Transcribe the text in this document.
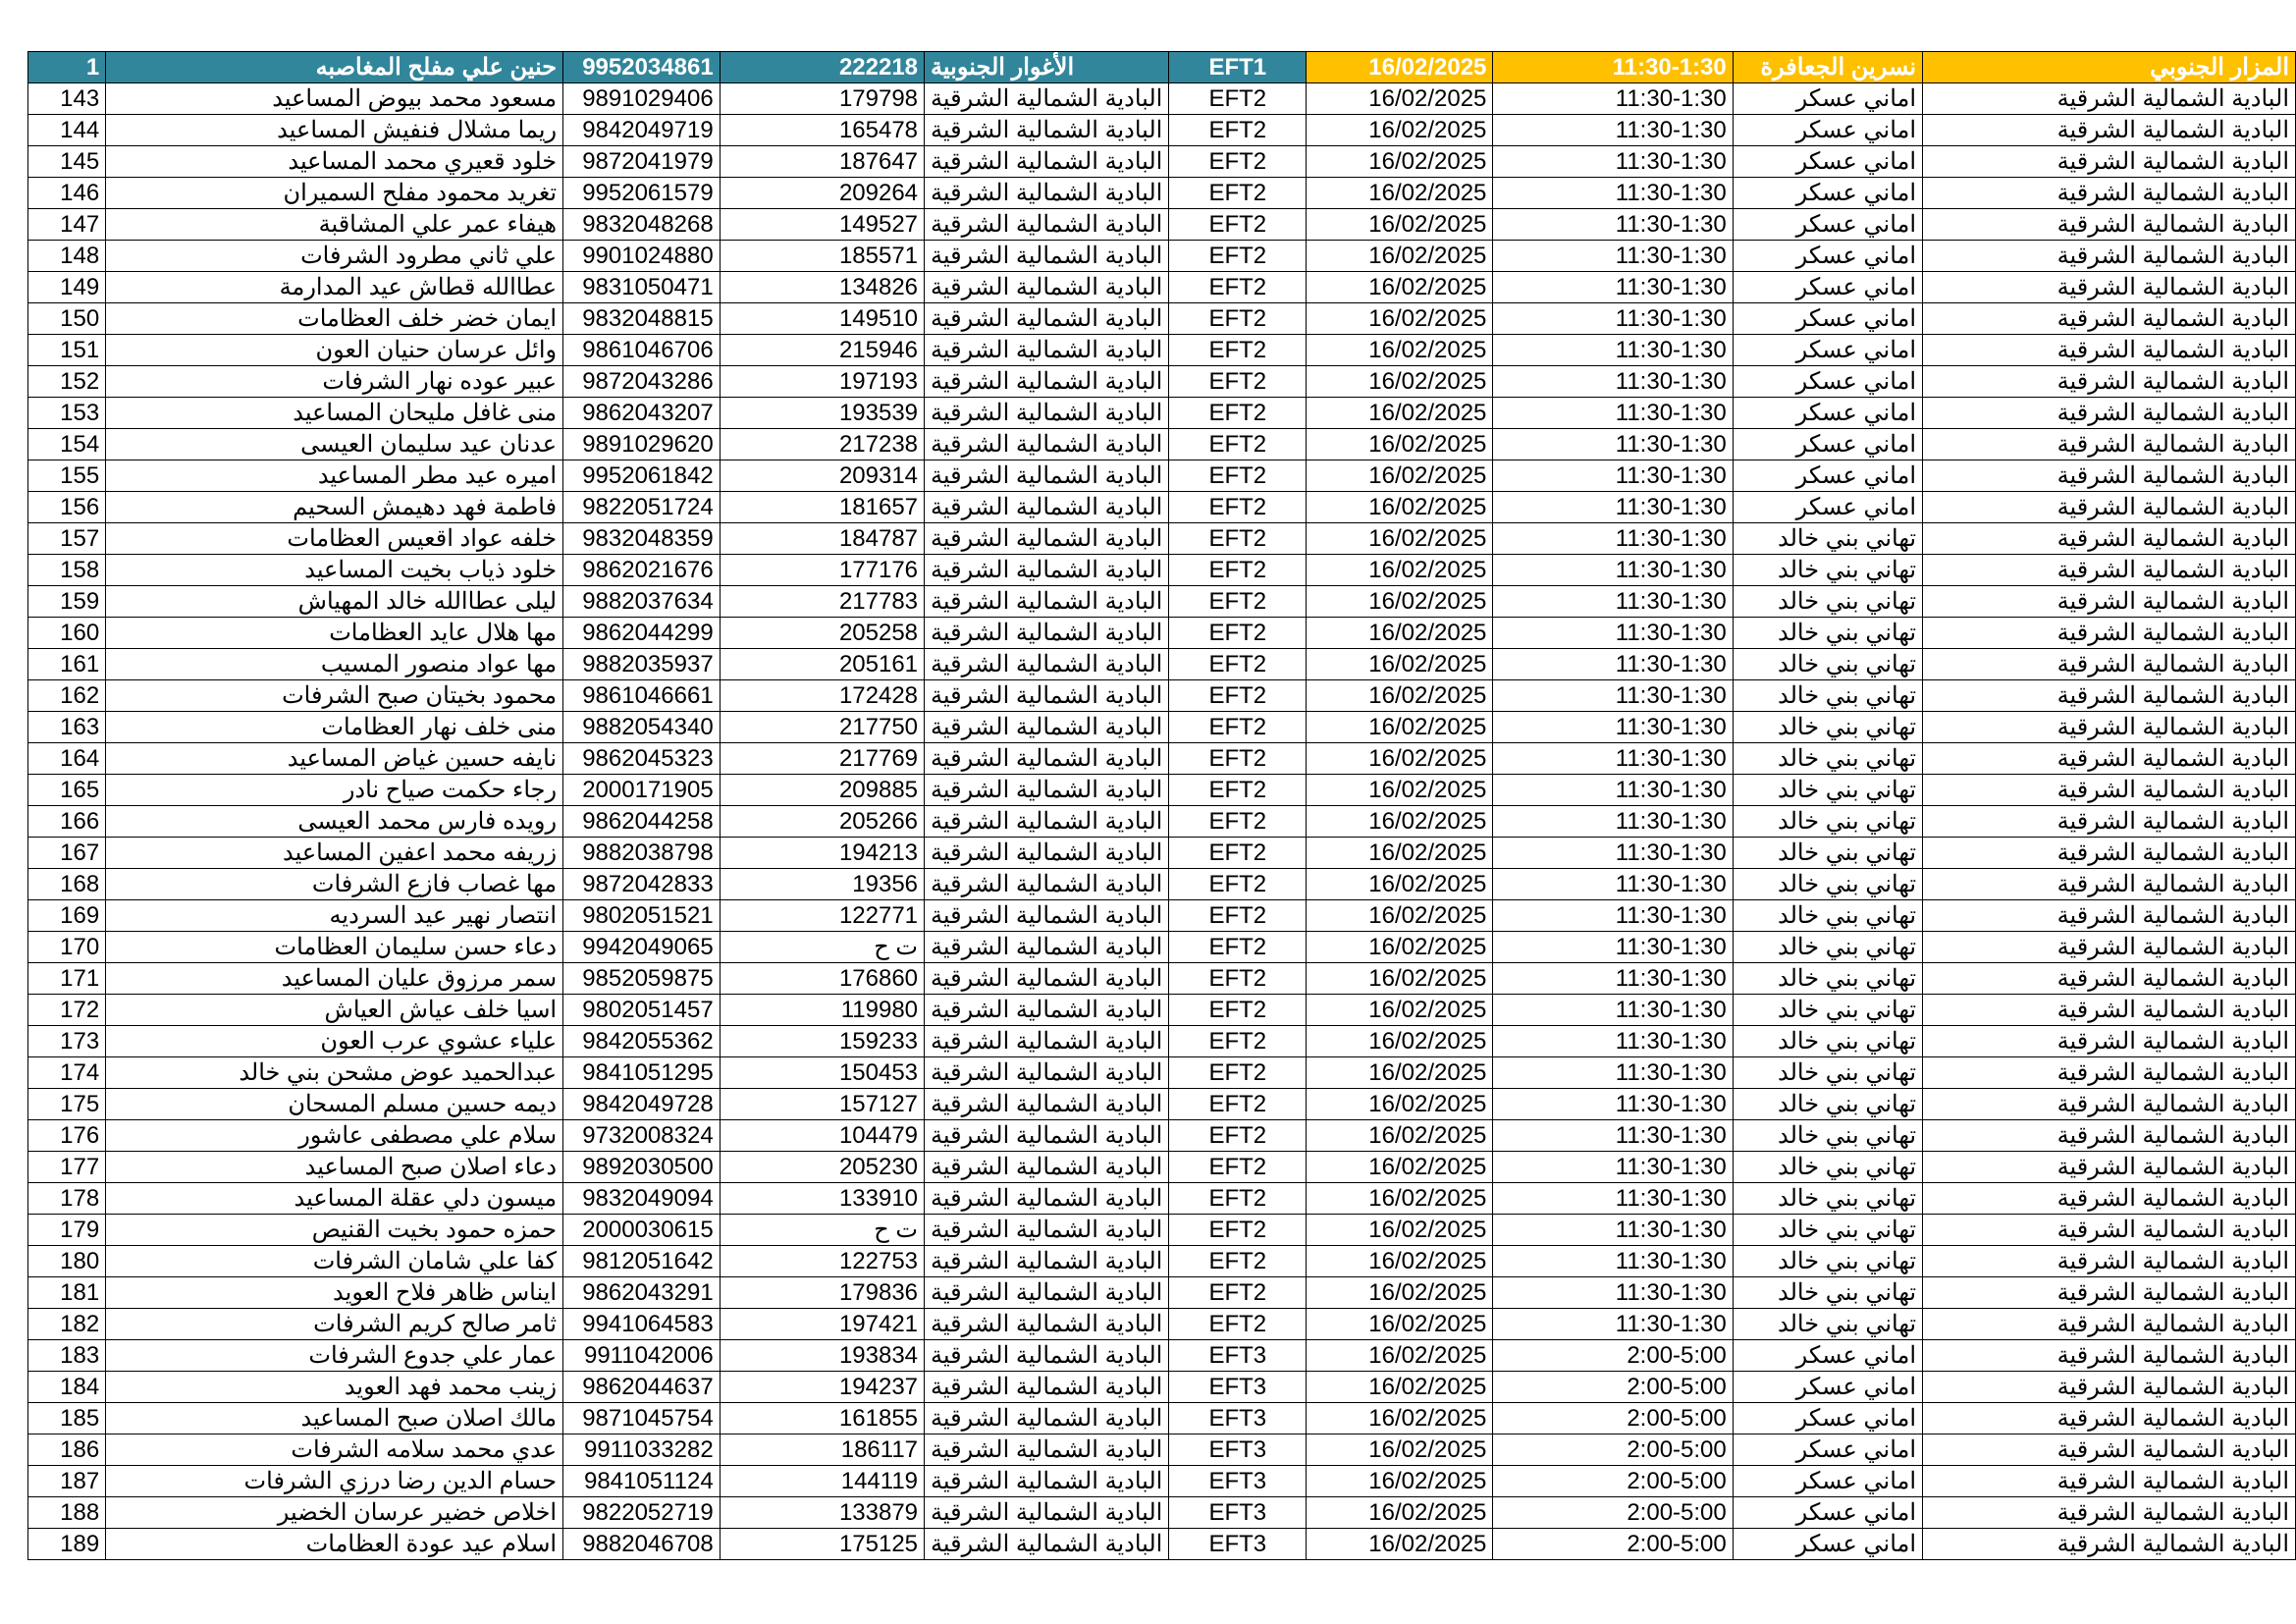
1	حنين علي مفلح المغاصبه	9952034861	222218	الأغوار الجنوبية	EFT1	16/02/2025	11:30-1:30	نسرين الجعافرة	المزار الجنوبي
143	مسعود محمد بيوض المساعيد	9891029406	179798	البادية الشمالية الشرقية	EFT2	16/02/2025	11:30-1:30	اماني عسكر	البادية الشمالية الشرقية
144	ريما مشلال فنفيش المساعيد	9842049719	165478	البادية الشمالية الشرقية	EFT2	16/02/2025	11:30-1:30	اماني عسكر	البادية الشمالية الشرقية
145	خلود قعيري محمد المساعيد	9872041979	187647	البادية الشمالية الشرقية	EFT2	16/02/2025	11:30-1:30	اماني عسكر	البادية الشمالية الشرقية
146	تغريد محمود مفلح السميران	9952061579	209264	البادية الشمالية الشرقية	EFT2	16/02/2025	11:30-1:30	اماني عسكر	البادية الشمالية الشرقية
147	هيفاء عمر علي المشاقبة	9832048268	149527	البادية الشمالية الشرقية	EFT2	16/02/2025	11:30-1:30	اماني عسكر	البادية الشمالية الشرقية
148	علي ثاني مطرود الشرفات	9901024880	185571	البادية الشمالية الشرقية	EFT2	16/02/2025	11:30-1:30	اماني عسكر	البادية الشمالية الشرقية
149	عطاالله قطاش عيد المدارمة	9831050471	134826	البادية الشمالية الشرقية	EFT2	16/02/2025	11:30-1:30	اماني عسكر	البادية الشمالية الشرقية
150	ايمان خضر خلف العظامات	9832048815	149510	البادية الشمالية الشرقية	EFT2	16/02/2025	11:30-1:30	اماني عسكر	البادية الشمالية الشرقية
151	وائل عرسان حنيان العون	9861046706	215946	البادية الشمالية الشرقية	EFT2	16/02/2025	11:30-1:30	اماني عسكر	البادية الشمالية الشرقية
152	عبير عوده نهار الشرفات	9872043286	197193	البادية الشمالية الشرقية	EFT2	16/02/2025	11:30-1:30	اماني عسكر	البادية الشمالية الشرقية
153	منى غافل مليحان المساعيد	9862043207	193539	البادية الشمالية الشرقية	EFT2	16/02/2025	11:30-1:30	اماني عسكر	البادية الشمالية الشرقية
154	عدنان عيد سليمان العيسى	9891029620	217238	البادية الشمالية الشرقية	EFT2	16/02/2025	11:30-1:30	اماني عسكر	البادية الشمالية الشرقية
155	اميره عيد مطر المساعيد	9952061842	209314	البادية الشمالية الشرقية	EFT2	16/02/2025	11:30-1:30	اماني عسكر	البادية الشمالية الشرقية
156	فاطمة فهد دهيمش السحيم	9822051724	181657	البادية الشمالية الشرقية	EFT2	16/02/2025	11:30-1:30	اماني عسكر	البادية الشمالية الشرقية
157	خلفه عواد اقعيس العظامات	9832048359	184787	البادية الشمالية الشرقية	EFT2	16/02/2025	11:30-1:30	تهاني بني خالد	البادية الشمالية الشرقية
158	خلود ذياب بخيت المساعيد	9862021676	177176	البادية الشمالية الشرقية	EFT2	16/02/2025	11:30-1:30	تهاني بني خالد	البادية الشمالية الشرقية
159	ليلى عطاالله خالد المهياش	9882037634	217783	البادية الشمالية الشرقية	EFT2	16/02/2025	11:30-1:30	تهاني بني خالد	البادية الشمالية الشرقية
160	مها هلال عايد العظامات	9862044299	205258	البادية الشمالية الشرقية	EFT2	16/02/2025	11:30-1:30	تهاني بني خالد	البادية الشمالية الشرقية
161	مها عواد منصور المسيب	9882035937	205161	البادية الشمالية الشرقية	EFT2	16/02/2025	11:30-1:30	تهاني بني خالد	البادية الشمالية الشرقية
162	محمود بخيتان صبح الشرفات	9861046661	172428	البادية الشمالية الشرقية	EFT2	16/02/2025	11:30-1:30	تهاني بني خالد	البادية الشمالية الشرقية
163	منى خلف نهار العظامات	9882054340	217750	البادية الشمالية الشرقية	EFT2	16/02/2025	11:30-1:30	تهاني بني خالد	البادية الشمالية الشرقية
164	نايفه حسين غياض المساعيد	9862045323	217769	البادية الشمالية الشرقية	EFT2	16/02/2025	11:30-1:30	تهاني بني خالد	البادية الشمالية الشرقية
165	رجاء حكمت صياح نادر	2000171905	209885	البادية الشمالية الشرقية	EFT2	16/02/2025	11:30-1:30	تهاني بني خالد	البادية الشمالية الشرقية
166	رويده فارس محمد العيسى	9862044258	205266	البادية الشمالية الشرقية	EFT2	16/02/2025	11:30-1:30	تهاني بني خالد	البادية الشمالية الشرقية
167	زريفه محمد اعفين المساعيد	9882038798	194213	البادية الشمالية الشرقية	EFT2	16/02/2025	11:30-1:30	تهاني بني خالد	البادية الشمالية الشرقية
168	مها غصاب فازع الشرفات	9872042833	19356	البادية الشمالية الشرقية	EFT2	16/02/2025	11:30-1:30	تهاني بني خالد	البادية الشمالية الشرقية
169	انتصار نهير عيد السرديه	9802051521	122771	البادية الشمالية الشرقية	EFT2	16/02/2025	11:30-1:30	تهاني بني خالد	البادية الشمالية الشرقية
170	دعاء حسن سليمان العظامات	9942049065	ت ح	البادية الشمالية الشرقية	EFT2	16/02/2025	11:30-1:30	تهاني بني خالد	البادية الشمالية الشرقية
171	سمر مرزوق عليان المساعيد	9852059875	176860	البادية الشمالية الشرقية	EFT2	16/02/2025	11:30-1:30	تهاني بني خالد	البادية الشمالية الشرقية
172	اسيا خلف عياش العياش	9802051457	119980	البادية الشمالية الشرقية	EFT2	16/02/2025	11:30-1:30	تهاني بني خالد	البادية الشمالية الشرقية
173	علياء عشوي عرب العون	9842055362	159233	البادية الشمالية الشرقية	EFT2	16/02/2025	11:30-1:30	تهاني بني خالد	البادية الشمالية الشرقية
174	عبدالحميد عوض مشحن بني خالد	9841051295	150453	البادية الشمالية الشرقية	EFT2	16/02/2025	11:30-1:30	تهاني بني خالد	البادية الشمالية الشرقية
175	ديمه حسين مسلم المسحان	9842049728	157127	البادية الشمالية الشرقية	EFT2	16/02/2025	11:30-1:30	تهاني بني خالد	البادية الشمالية الشرقية
176	سلام علي مصطفى عاشور	9732008324	104479	البادية الشمالية الشرقية	EFT2	16/02/2025	11:30-1:30	تهاني بني خالد	البادية الشمالية الشرقية
177	دعاء اصلان صبح المساعيد	9892030500	205230	البادية الشمالية الشرقية	EFT2	16/02/2025	11:30-1:30	تهاني بني خالد	البادية الشمالية الشرقية
178	ميسون دلي عقلة المساعيد	9832049094	133910	البادية الشمالية الشرقية	EFT2	16/02/2025	11:30-1:30	تهاني بني خالد	البادية الشمالية الشرقية
179	حمزه حمود بخيت القنيص	2000030615	ت ح	البادية الشمالية الشرقية	EFT2	16/02/2025	11:30-1:30	تهاني بني خالد	البادية الشمالية الشرقية
180	كفا علي شامان الشرفات	9812051642	122753	البادية الشمالية الشرقية	EFT2	16/02/2025	11:30-1:30	تهاني بني خالد	البادية الشمالية الشرقية
181	ايناس ظاهر فلاح العويد	9862043291	179836	البادية الشمالية الشرقية	EFT2	16/02/2025	11:30-1:30	تهاني بني خالد	البادية الشمالية الشرقية
182	ثامر صالح كريم الشرفات	9941064583	197421	البادية الشمالية الشرقية	EFT2	16/02/2025	11:30-1:30	تهاني بني خالد	البادية الشمالية الشرقية
183	عمار علي جدوع الشرفات	9911042006	193834	البادية الشمالية الشرقية	EFT3	16/02/2025	2:00-5:00	اماني عسكر	البادية الشمالية الشرقية
184	زينب محمد فهد العويد	9862044637	194237	البادية الشمالية الشرقية	EFT3	16/02/2025	2:00-5:00	اماني عسكر	البادية الشمالية الشرقية
185	مالك اصلان صبح المساعيد	9871045754	161855	البادية الشمالية الشرقية	EFT3	16/02/2025	2:00-5:00	اماني عسكر	البادية الشمالية الشرقية
186	عدي محمد سلامه الشرفات	9911033282	186117	البادية الشمالية الشرقية	EFT3	16/02/2025	2:00-5:00	اماني عسكر	البادية الشمالية الشرقية
187	حسام الدين رضا درزي الشرفات	9841051124	144119	البادية الشمالية الشرقية	EFT3	16/02/2025	2:00-5:00	اماني عسكر	البادية الشمالية الشرقية
188	اخلاص خضير عرسان الخضير	9822052719	133879	البادية الشمالية الشرقية	EFT3	16/02/2025	2:00-5:00	اماني عسكر	البادية الشمالية الشرقية
189	اسلام عيد عودة العظامات	9882046708	175125	البادية الشمالية الشرقية	EFT3	16/02/2025	2:00-5:00	اماني عسكر	البادية الشمالية الشرقية
